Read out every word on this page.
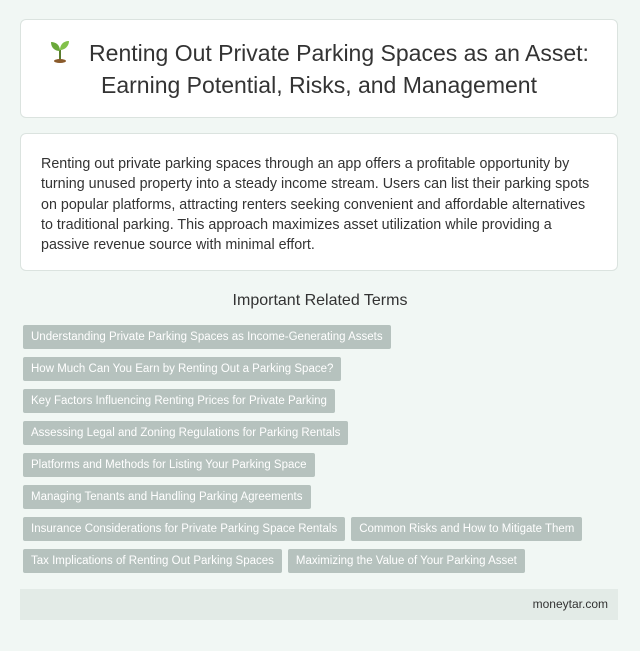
Renting Out Private Parking Spaces as an Asset: Earning Potential, Risks, and Management

Renting out private parking spaces through an app offers a profitable opportunity by turning unused property into a steady income stream. Users can list their parking spots on popular platforms, attracting renters seeking convenient and affordable alternatives to traditional parking. This approach maximizes asset utilization while providing a passive revenue source with minimal effort.

Important Related Terms
Understanding Private Parking Spaces as Income-Generating Assets
How Much Can You Earn by Renting Out a Parking Space?
Key Factors Influencing Renting Prices for Private Parking
Assessing Legal and Zoning Regulations for Parking Rentals
Platforms and Methods for Listing Your Parking Space
Managing Tenants and Handling Parking Agreements
Insurance Considerations for Private Parking Space Rentals	Common Risks and How to Mitigate Them
Tax Implications of Renting Out Parking Spaces	Maximizing the Value of Your Parking Asset
moneytar.com
